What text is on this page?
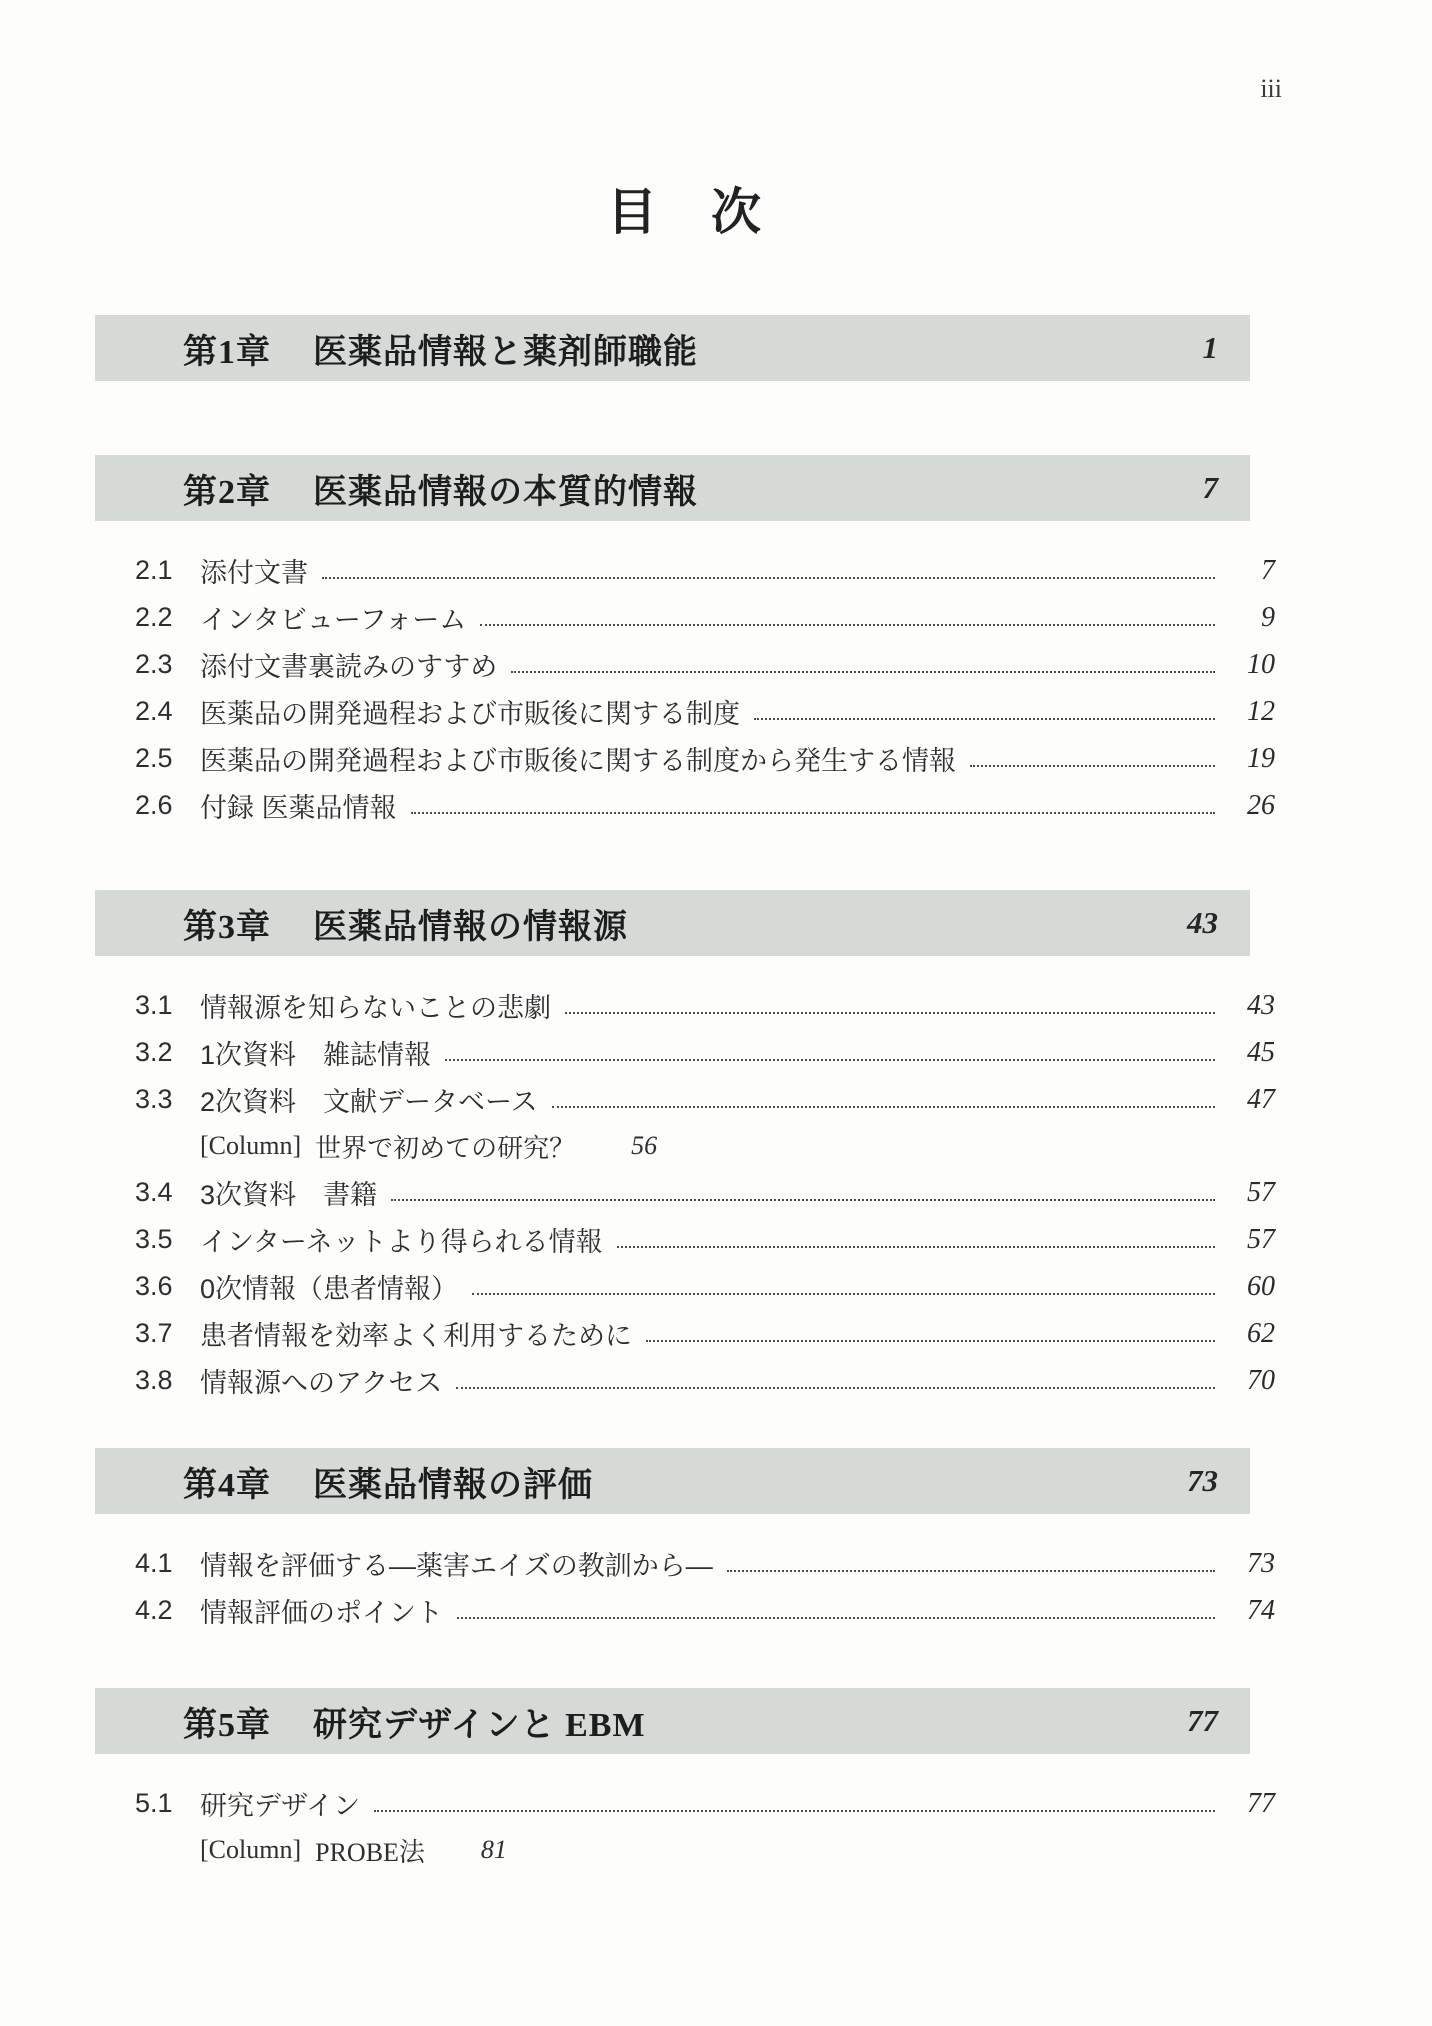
iii
目　次
第1章 医薬品情報と薬剤師職能	1
第2章 医薬品情報の本質的情報	7
2.1	添付文書	7
2.2	インタビューフォーム	9
2.3	添付文書裏読みのすすめ	10
2.4	医薬品の開発過程および市販後に関する制度	12
2.5	医薬品の開発過程および市販後に関する制度から発生する情報	19
2.6	付録 医薬品情報	26
第3章 医薬品情報の情報源	43
3.1	情報源を知らないことの悲劇	43
3.2	1次資料　雑誌情報	45
3.3	2次資料　文献データベース	47
[Column] 世界で初めての研究？ 56
3.4	3次資料　書籍	57
3.5	インターネットより得られる情報	57
3.6	0次情報（患者情報）	60
3.7	患者情報を効率よく利用するために	62
3.8	情報源へのアクセス	70
第4章 医薬品情報の評価	73
4.1	情報を評価する―薬害エイズの教訓から―	73
4.2	情報評価のポイント	74
第5章 研究デザインと EBM	77
5.1	研究デザイン	77
[Column] PROBE法 81
